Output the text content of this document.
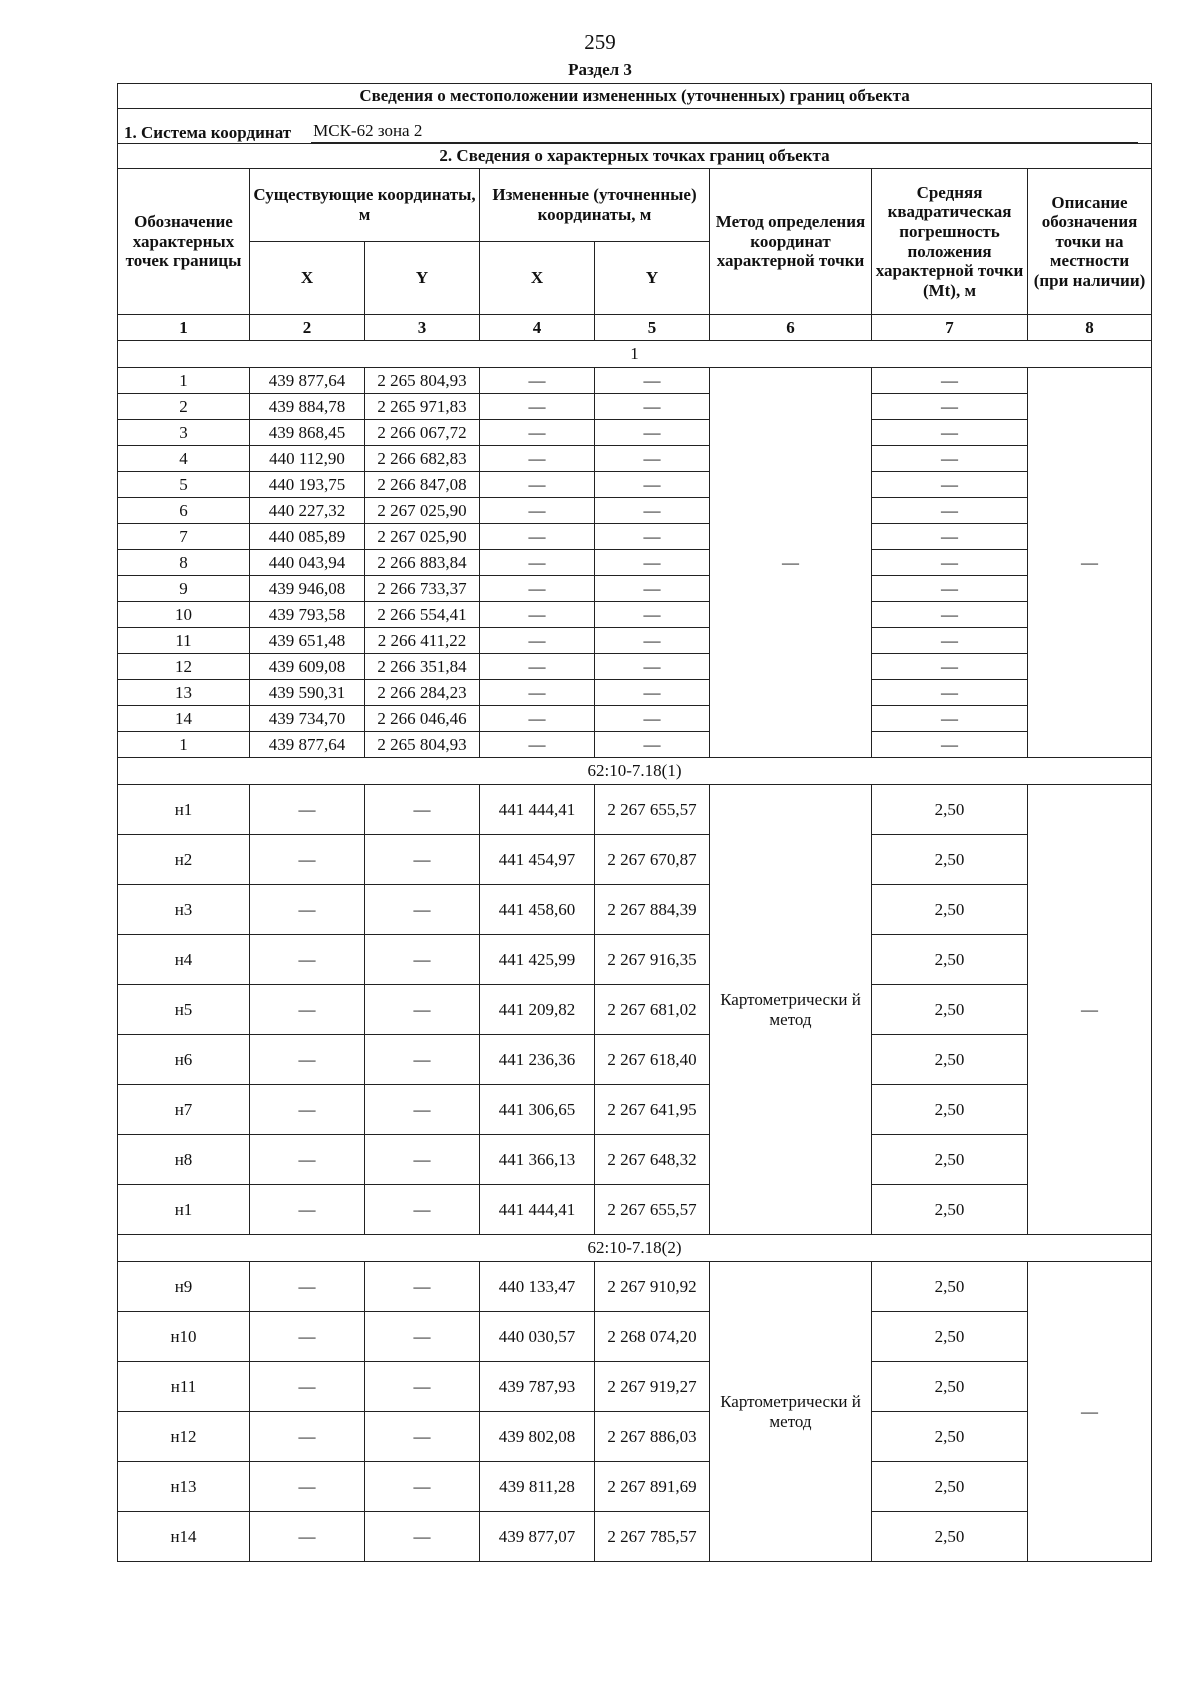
259
Раздел 3
Сведения о местоположении измененных (уточненных) границ объекта							

1. Система координат МСК-62 зона 2							

2. Сведения о характерных точках границ объекта							
Обозначение характерных точек границы	Существующие координаты, м		Измененные (уточненные) координаты, м		Метод определения координат характерной точки	Средняя квадратическая погрешность положения характерной точки (Mt), м	Описание обозначения точки на местности (при наличии)
	X	Y	X	Y			
1	2	3	4	5	6	7	8
1							
1	439 877,64	2 265 804,93	—	—	—	—	—
2	439 884,78	2 265 971,83	—	—		—	
3	439 868,45	2 266 067,72	—	—		—	
4	440 112,90	2 266 682,83	—	—		—	
5	440 193,75	2 266 847,08	—	—		—	
6	440 227,32	2 267 025,90	—	—		—	
7	440 085,89	2 267 025,90	—	—		—	
8	440 043,94	2 266 883,84	—	—		—	
9	439 946,08	2 266 733,37	—	—		—	
10	439 793,58	2 266 554,41	—	—		—	
11	439 651,48	2 266 411,22	—	—		—	
12	439 609,08	2 266 351,84	—	—		—	
13	439 590,31	2 266 284,23	—	—		—	
14	439 734,70	2 266 046,46	—	—		—	
1	439 877,64	2 265 804,93	—	—		—	
62:10-7.18(1)							
н1	—	—	441 444,41	2 267 655,57	Картометрически й метод	2,50	—
н2	—	—	441 454,97	2 267 670,87		2,50	
н3	—	—	441 458,60	2 267 884,39		2,50	
н4	—	—	441 425,99	2 267 916,35		2,50	
н5	—	—	441 209,82	2 267 681,02		2,50	
н6	—	—	441 236,36	2 267 618,40		2,50	
н7	—	—	441 306,65	2 267 641,95		2,50	
н8	—	—	441 366,13	2 267 648,32		2,50	
н1	—	—	441 444,41	2 267 655,57		2,50	
62:10-7.18(2)							
н9	—	—	440 133,47	2 267 910,92	Картометрически й метод	2,50	—
н10	—	—	440 030,57	2 268 074,20		2,50	
н11	—	—	439 787,93	2 267 919,27		2,50	
н12	—	—	439 802,08	2 267 886,03		2,50	
н13	—	—	439 811,28	2 267 891,69		2,50	
н14	—	—	439 877,07	2 267 785,57		2,50	
